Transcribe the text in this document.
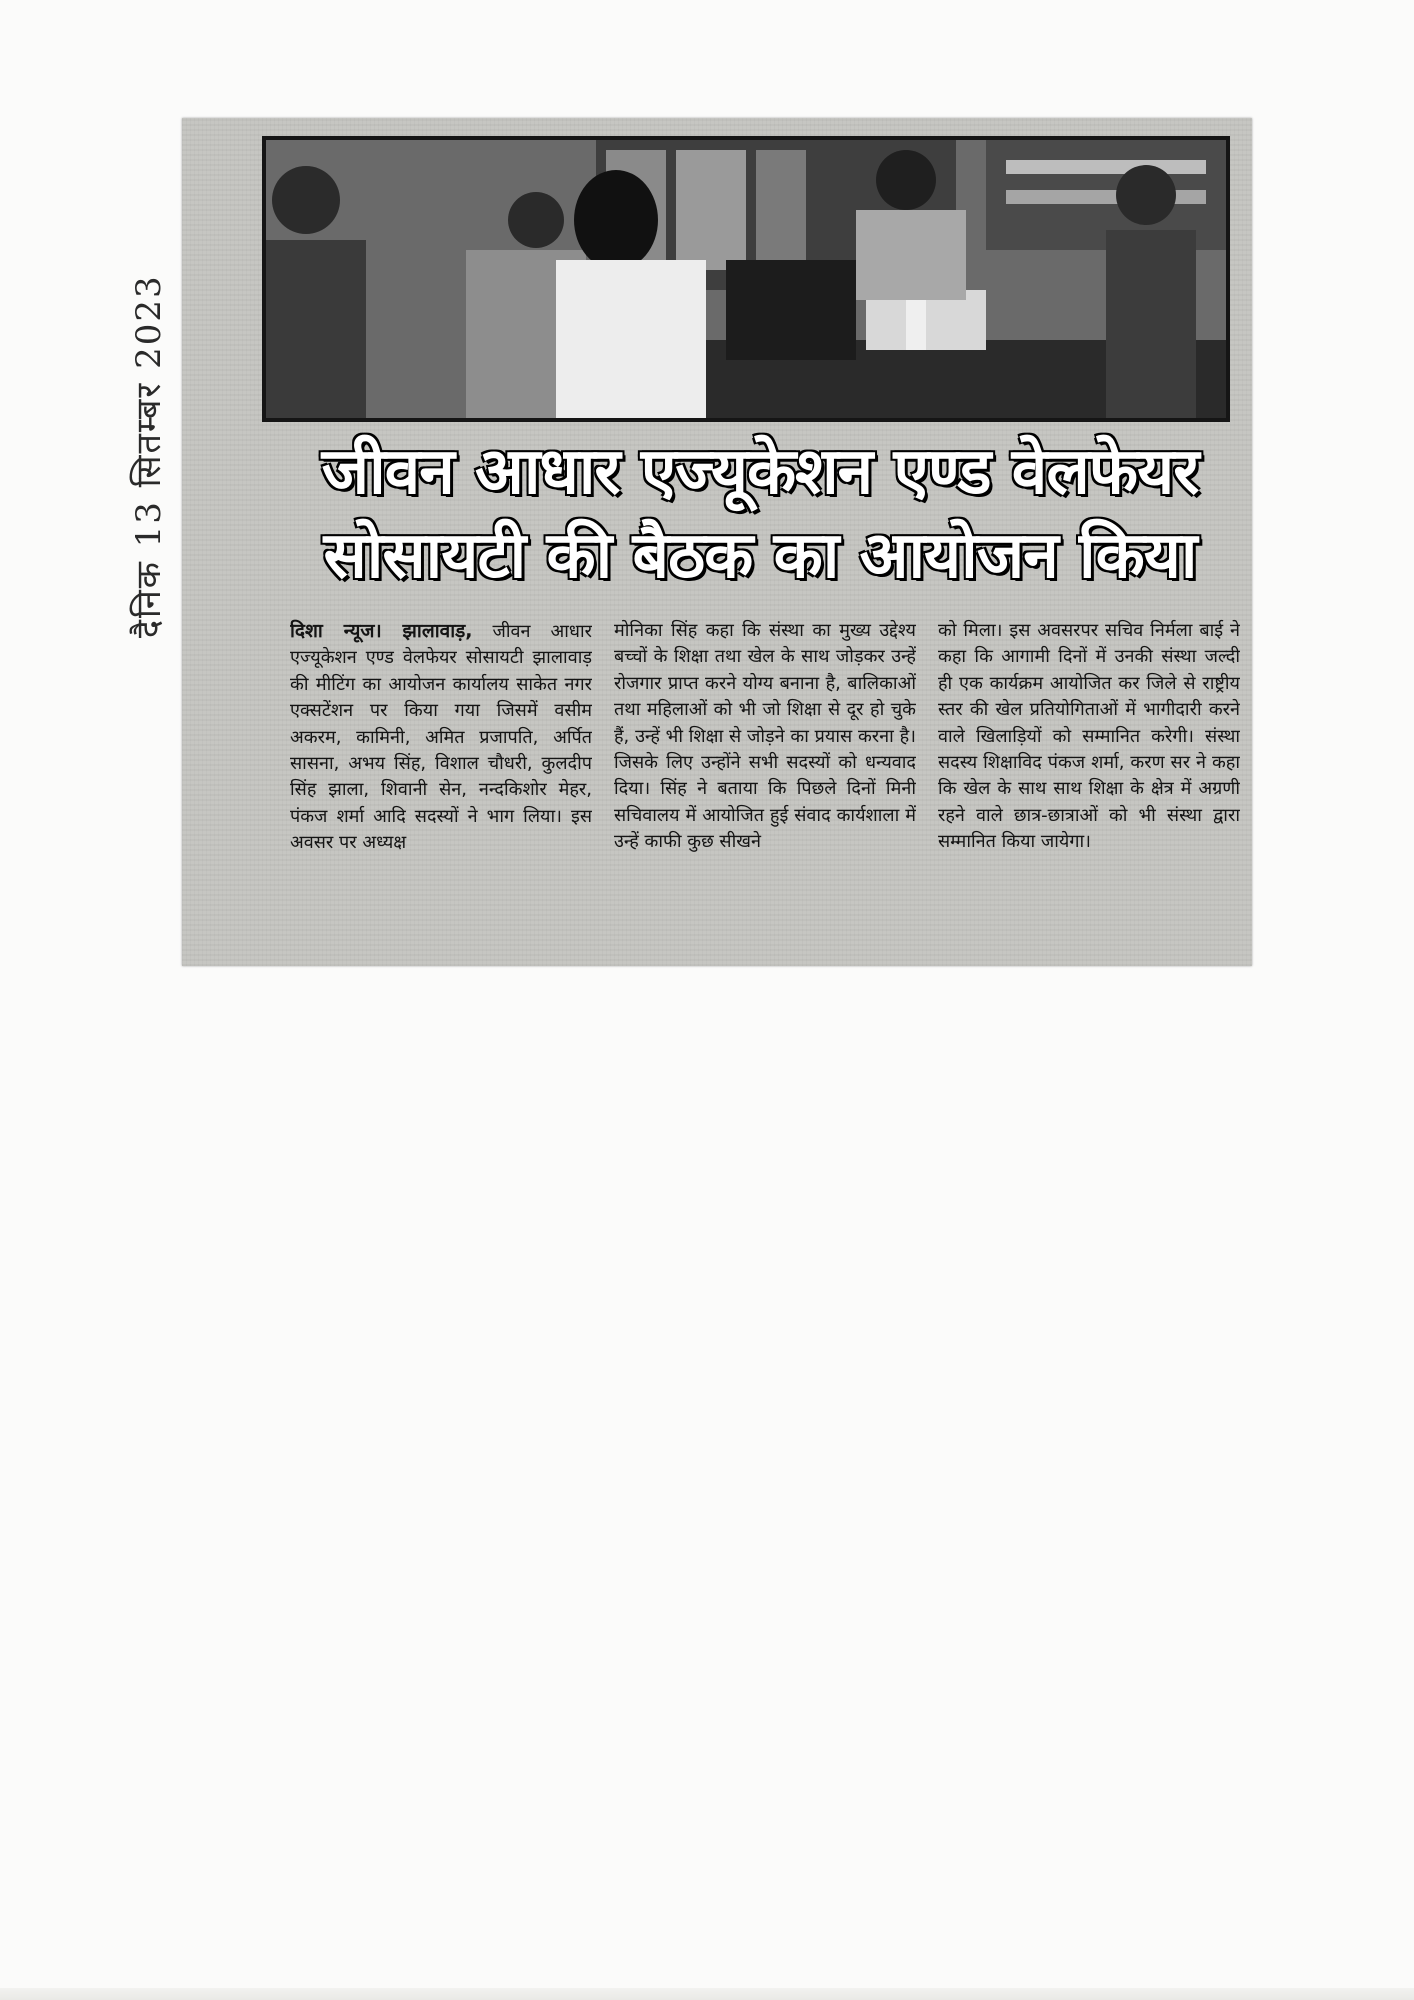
दैनिक 13 सितम्बर 2023	जीवन आधार एज्यूकेशन एण्ड वेलफेयर
सोसायटी की बैठक का आयोजन किया
दिशा न्यूज। झालावाड़, जीवन आधार एज्यूकेशन एण्ड वेलफेयर सोसायटी झालावाड़ की मीटिंग का आयोजन कार्यालय साकेत नगर एक्सटेंशन पर किया गया जिसमें वसीम अकरम, कामिनी, अमित प्रजापति, अर्पित सासना, अभय सिंह, विशाल चौधरी, कुलदीप सिंह झाला, शिवानी सेन, नन्दकिशोर मेहर, पंकज शर्मा आदि सदस्यों ने भाग लिया। इस अवसर पर अध्यक्ष
मोनिका सिंह कहा कि संस्था का मुख्य उद्देश्य बच्चों के शिक्षा तथा खेल के साथ जोड़कर उन्हें रोजगार प्राप्त करने योग्य बनाना है, बालिकाओं तथा महिलाओं को भी जो शिक्षा से दूर हो चुके हैं, उन्हें भी शिक्षा से जोड़ने का प्रयास करना है। जिसके लिए उन्होंने सभी सदस्यों को धन्यवाद दिया। सिंह ने बताया कि पिछले दिनों मिनी सचिवालय में आयोजित हुई संवाद कार्यशाला में उन्हें काफी कुछ सीखने
को मिला। इस अवसरपर सचिव निर्मला बाई ने कहा कि आगामी दिनों में उनकी संस्था जल्दी ही एक कार्यक्रम आयोजित कर जिले से राष्ट्रीय स्तर की खेल प्रतियोगिताओं में भागीदारी करने वाले खिलाड़ियों को सम्मानित करेगी। संस्था सदस्य शिक्षाविद पंकज शर्मा, करण सर ने कहा कि खेल के साथ साथ शिक्षा के क्षेत्र में अग्रणी रहने वाले छात्र-छात्राओं को भी संस्था द्वारा सम्मानित किया जायेगा।
